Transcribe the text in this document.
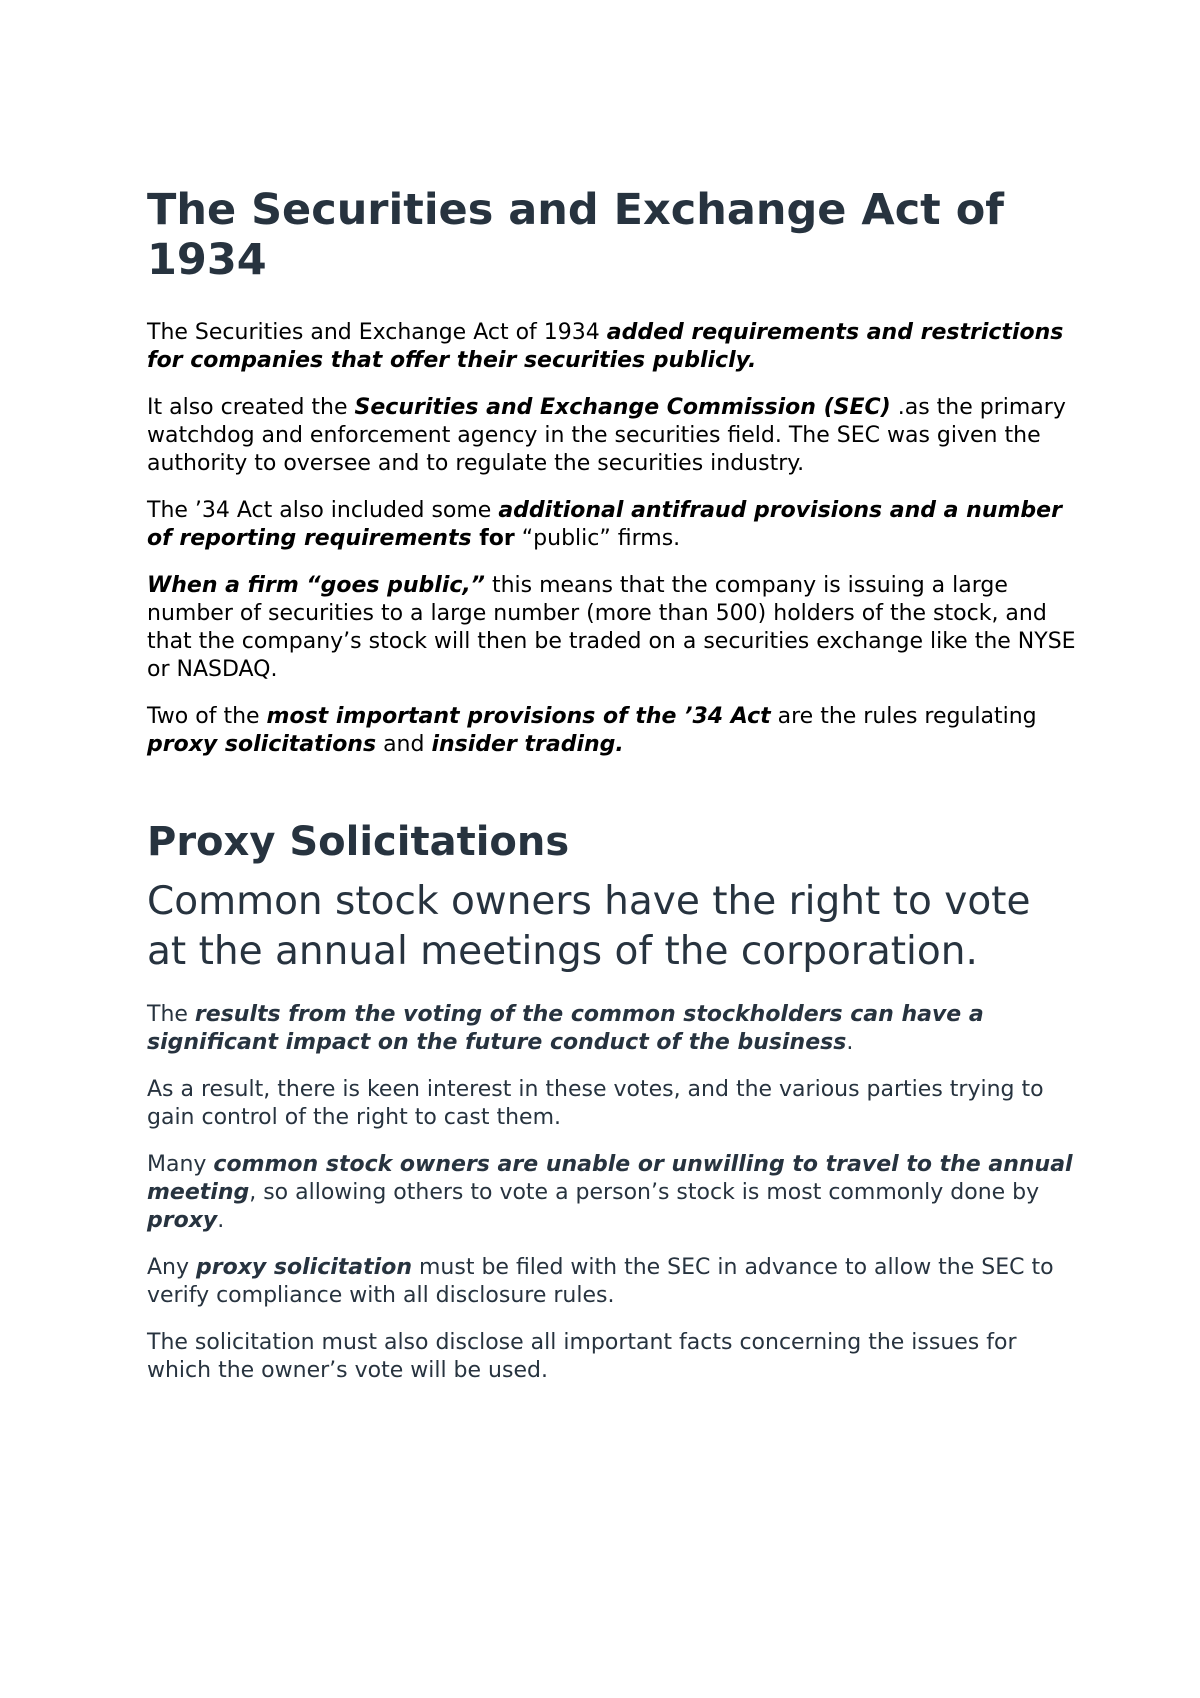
The Securities and Exchange Act of 1934

The Securities and Exchange Act of 1934 added requirements and restrictions for companies that offer their securities publicly.

It also created the Securities and Exchange Commission (SEC) .as the primary watchdog and enforcement agency in the securities field. The SEC was given the authority to oversee and to regulate the securities industry.

The ’34 Act also included some additional antifraud provisions and a number of reporting requirements for “public” firms.

When a firm “goes public,” this means that the company is issuing a large number of securities to a large number (more than 500) holders of the stock, and that the company’s stock will then be traded on a securities exchange like the NYSE or NASDAQ.

Two of the most important provisions of the ’34 Act are the rules regulating proxy solicitations and insider trading.

Proxy Solicitations
Common stock owners have the right to vote at the annual meetings of the corporation.

The results from the voting of the common stockholders can have a significant impact on the future conduct of the business.

As a result, there is keen interest in these votes, and the various parties trying to gain control of the right to cast them.

Many common stock owners are unable or unwilling to travel to the annual meeting, so allowing others to vote a person’s stock is most commonly done by proxy.

Any proxy solicitation must be filed with the SEC in advance to allow the SEC to verify compliance with all disclosure rules.

The solicitation must also disclose all important facts concerning the issues for which the owner’s vote will be used.
